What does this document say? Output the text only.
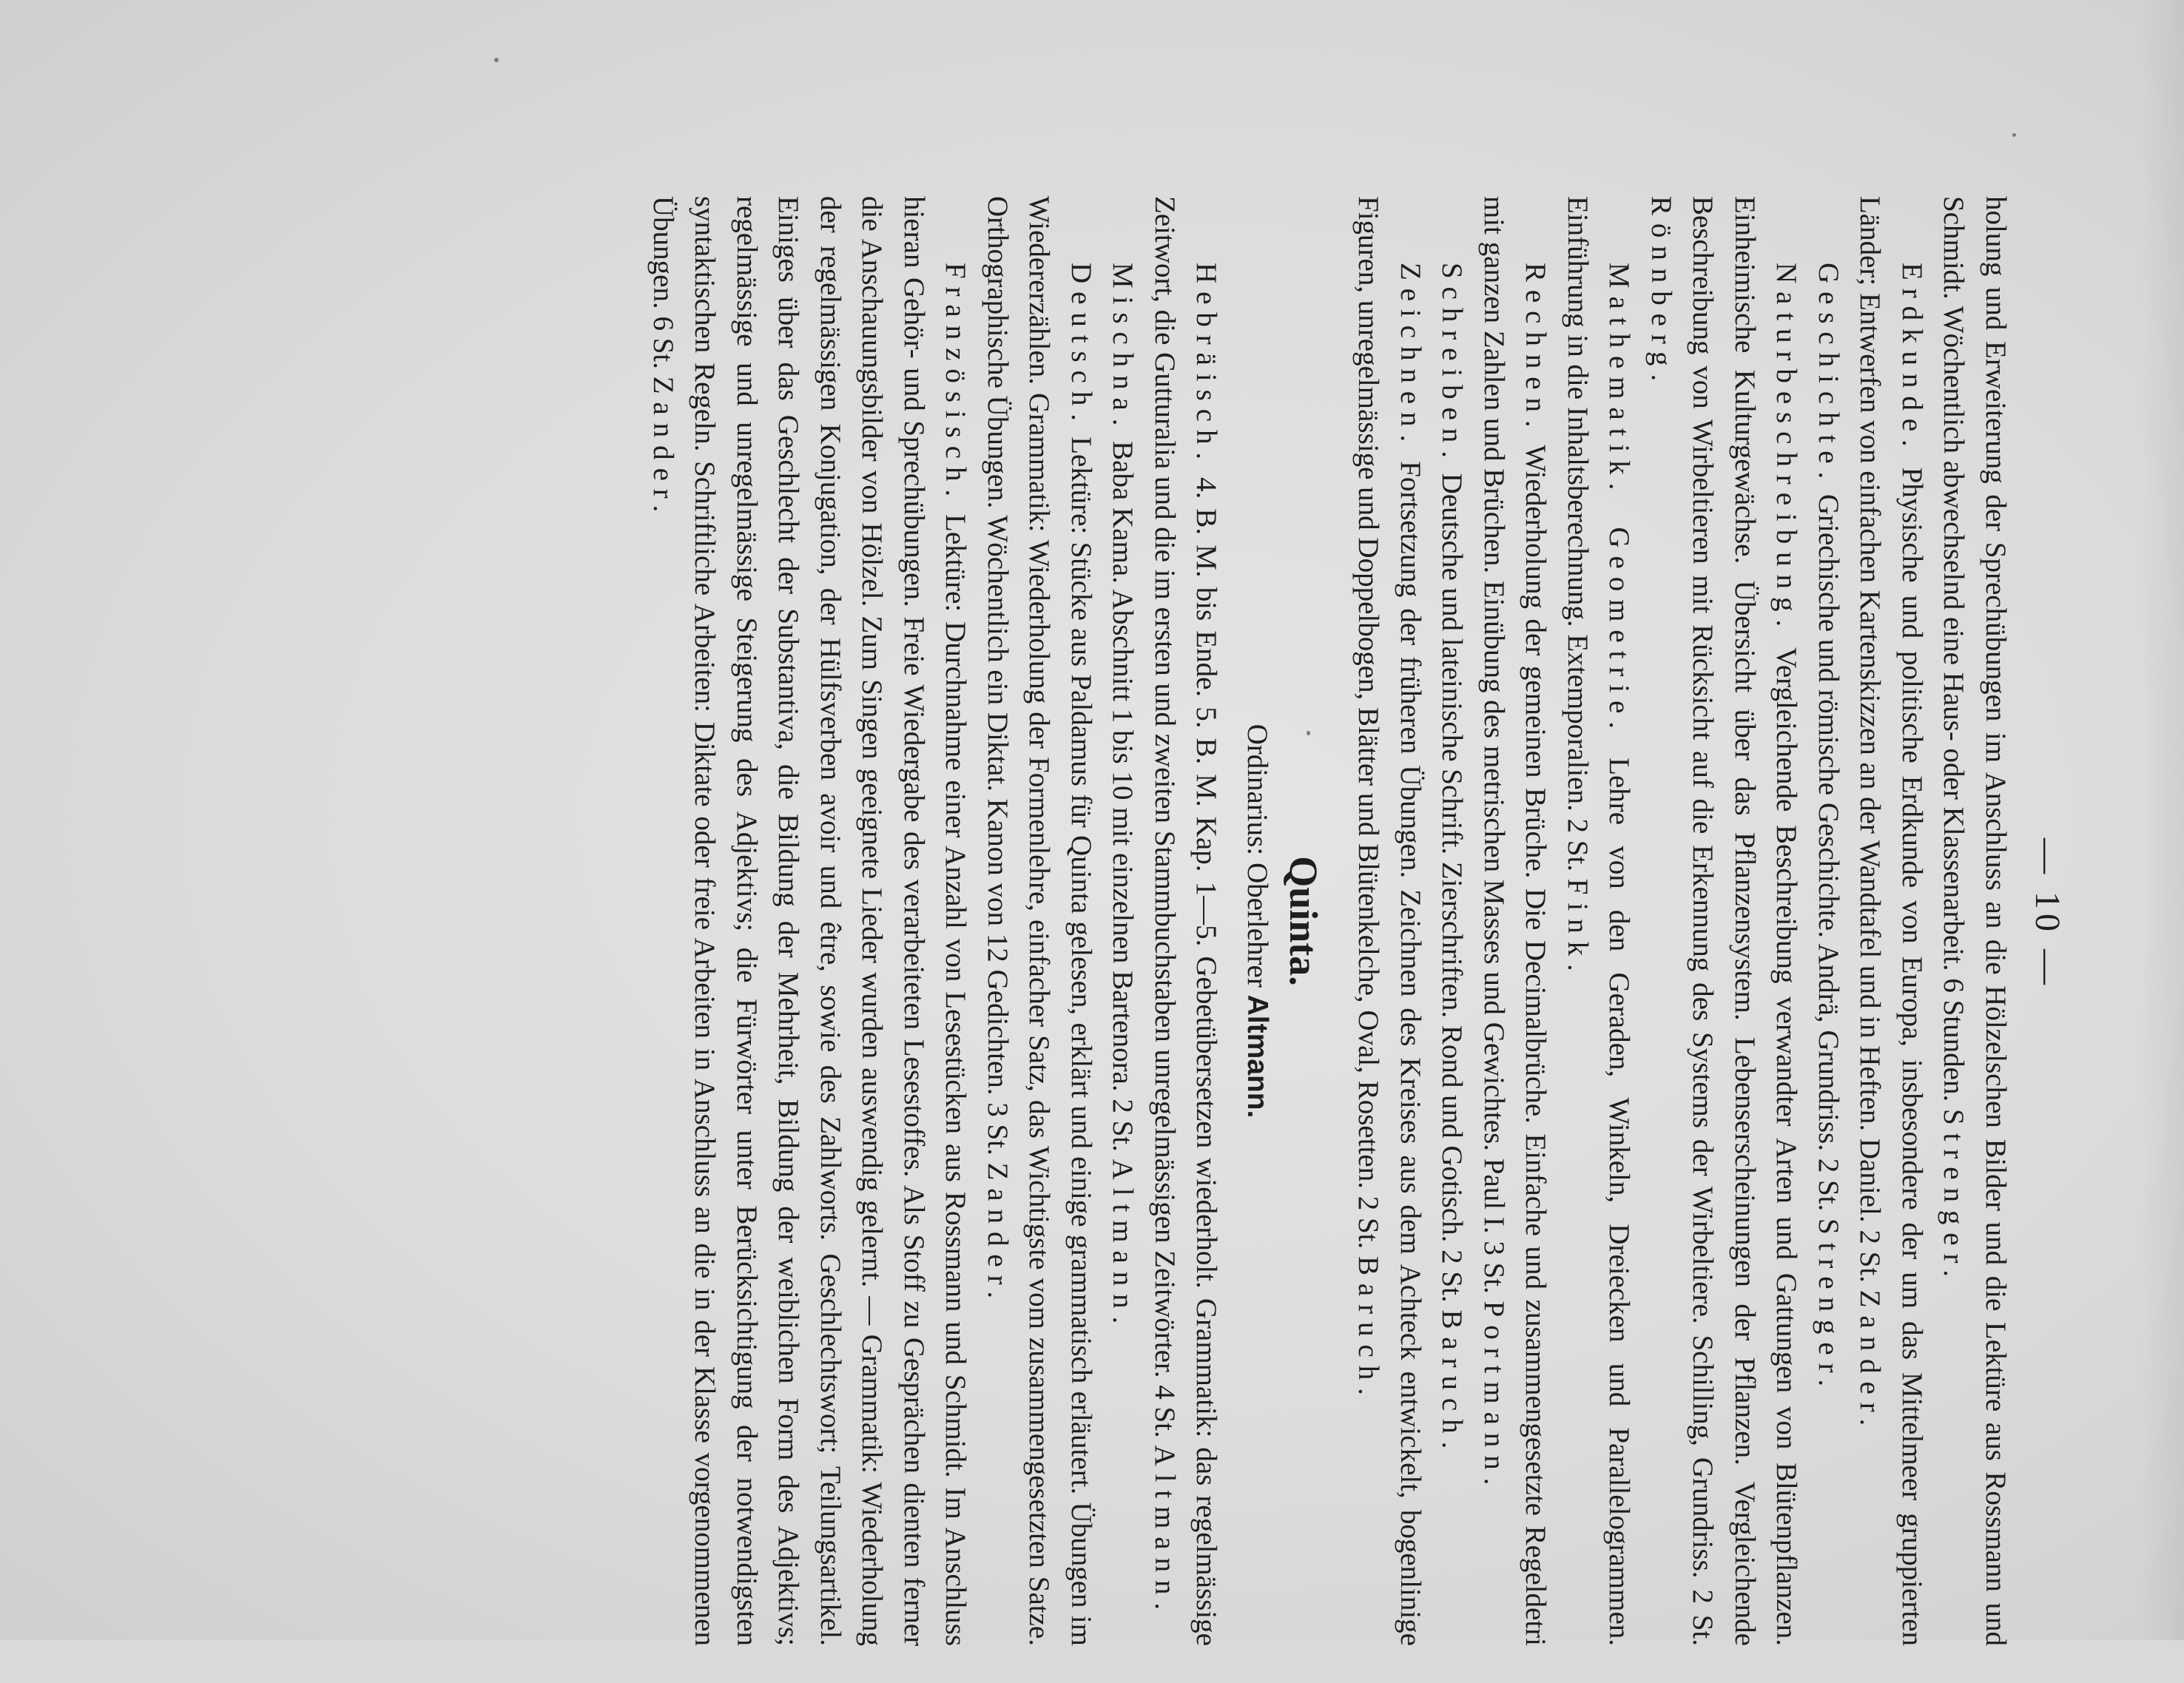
— 10 —

holung und Erweiterung der Sprechübungen im Anschluss an die Hölzelschen Bilder und die Lektüre aus Rossmann und Schmidt. Wöchentlich abwechselnd eine Haus- oder Klassenarbeit. 6 Stunden. Strenger.

Erdkunde. Physische und politische Erdkunde von Europa, insbesondere der um das Mittelmeer gruppierten Länder; Entwerfen von einfachen Kartenskizzen an der Wandtafel und in Heften. Daniel. 2 St. Zander.

Geschichte. Griechische und römische Geschichte. Andrä, Grundriss. 2 St. Strenger.

Naturbeschreibung. Vergleichende Beschreibung verwandter Arten und Gattungen von Blütenpflanzen. Einheimische Kulturgewächse. Übersicht über das Pflanzensystem. Lebenserscheinungen der Pflanzen. Vergleichende Beschreibung von Wirbeltieren mit Rücksicht auf die Erkennung des Systems der Wirbeltiere. Schilling, Grundriss. 2 St. Rönnberg.

Mathematik. Geometrie. Lehre von den Geraden, Winkeln, Dreiecken und Parallelogrammen. Einführung in die Inhaltsberechnung. Extemporalien. 2 St. Fink.

Rechnen. Wiederholung der gemeinen Brüche. Die Decimalbrüche. Einfache und zusammengesetzte Regeldetri mit ganzen Zahlen und Brüchen. Einübung des metrischen Masses und Gewichtes. Paul I. 3 St. Portmann.

Schreiben. Deutsche und lateinische Schrift. Zierschriften. Rond und Gotisch. 2 St. Baruch.

Zeichnen. Fortsetzung der früheren Übungen. Zeichnen des Kreises aus dem Achteck entwickelt, bogenlinige Figuren, unregelmässige und Doppelbogen, Blätter und Blütenkelche, Oval, Rosetten. 2 St. Baruch.

Quinta.
Ordinarius: Oberlehrer Altmann.

Hebräisch. 4. B. M. bis Ende. 5. B. M. Kap. 1—5. Gebetübersetzen wiederholt. Grammatik: das regelmässige Zeitwort, die Gutturalia und die im ersten und zweiten Stammbuchstaben unregelmässigen Zeitwörter. 4 St. Altmann.

Mischna. Baba Kama. Abschnitt 1 bis 10 mit einzelnen Bartenora. 2 St. Altmann.

Deutsch. Lektüre: Stücke aus Paldamus für Quinta gelesen, erklärt und einige grammatisch erläutert. Übungen im Wiedererzählen. Grammatik: Wiederholung der Formenlehre, einfacher Satz, das Wichtigste vom zusammengesetzten Satze. Orthographische Übungen. Wöchentlich ein Diktat. Kanon von 12 Gedichten. 3 St. Zander.

Französisch. Lektüre: Durchnahme einer Anzahl von Lesestücken aus Rossmann und Schmidt. Im Anschluss hieran Gehör- und Sprechübungen. Freie Wiedergabe des verarbeiteten Lesestoffes. Als Stoff zu Gesprächen dienten ferner die Anschauungsbilder von Hölzel. Zum Singen geeignete Lieder wurden auswendig gelernt. — Grammatik: Wiederholung der regelmässigen Konjugation, der Hülfsverben avoir und être, sowie des Zahlworts. Geschlechtswort; Teilungsartikel. Einiges über das Geschlecht der Substantiva, die Bildung der Mehrheit, Bildung der weiblichen Form des Adjektivs; regelmässige und unregelmässige Steigerung des Adjektivs; die Fürwörter unter Berücksichtigung der notwendigsten syntaktischen Regeln. Schriftliche Arbeiten: Diktate oder freie Arbeiten in Anschluss an die in der Klasse vorgenommenen Übungen. 6 St. Zander.
